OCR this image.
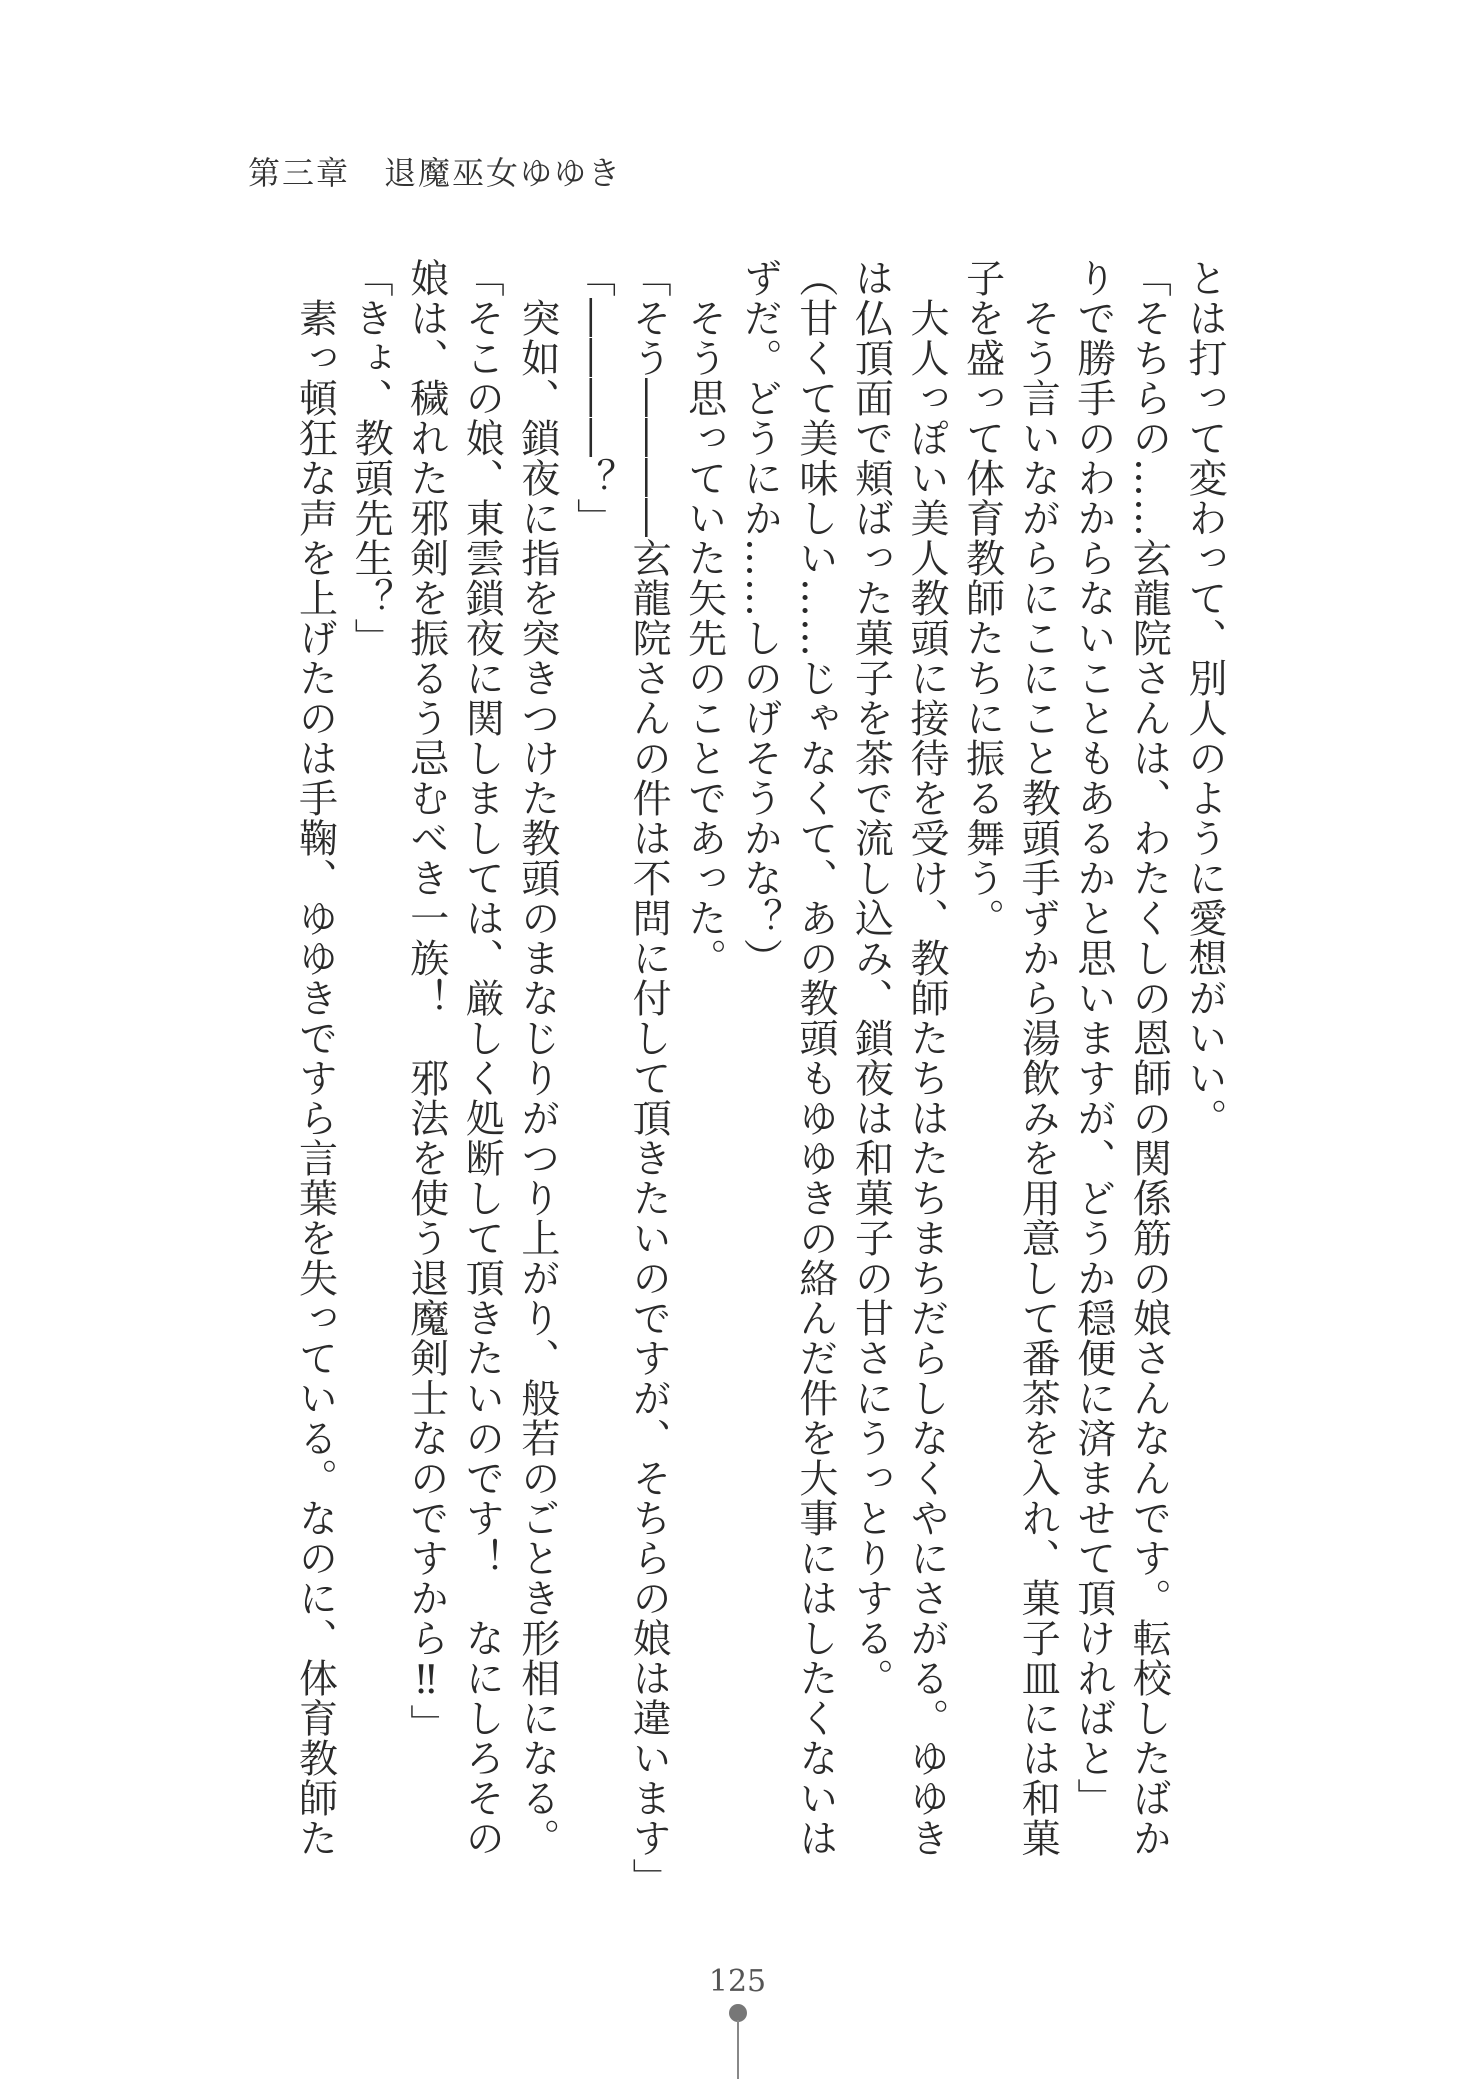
第三章　退魔巫女ゆゆき
とは打って変わって、別人のように愛想がいい。
「そちらの……玄龍院さんは、わたくしの恩師の関係筋の娘さんなんです。転校したばか
りで勝手のわからないこともあるかと思いますが、どうか穏便に済ませて頂ければと」
　そう言いながらにこにこと教頭手ずから湯飲みを用意して番茶を入れ、菓子皿には和菓
子を盛って体育教師たちに振る舞う。
　大人っぽい美人教頭に接待を受け、教師たちはたちまちだらしなくやにさがる。ゆゆき
は仏頂面で頬ばった菓子を茶で流し込み、鎖夜は和菓子の甘さにうっとりする。
（甘くて美味しい……じゃなくて、あの教頭もゆゆきの絡んだ件を大事にはしたくないは
ずだ。どうにか……しのげそうかな？）
　そう思っていた矢先のことであった。
「そう――――玄龍院さんの件は不問に付して頂きたいのですが、そちらの娘は違います」
「――――？」
　突如、鎖夜に指を突きつけた教頭のまなじりがつり上がり、般若のごとき形相になる。
「そこの娘、東雲鎖夜に関しましては、厳しく処断して頂きたいのです！　なにしろその
娘は、穢れた邪剣を振るう忌むべき一族！　邪法を使う退魔剣士なのですから‼」
「きょ、教頭先生？」
　素っ頓狂な声を上げたのは手鞠、ゆゆきですら言葉を失っている。なのに、体育教師た
125
